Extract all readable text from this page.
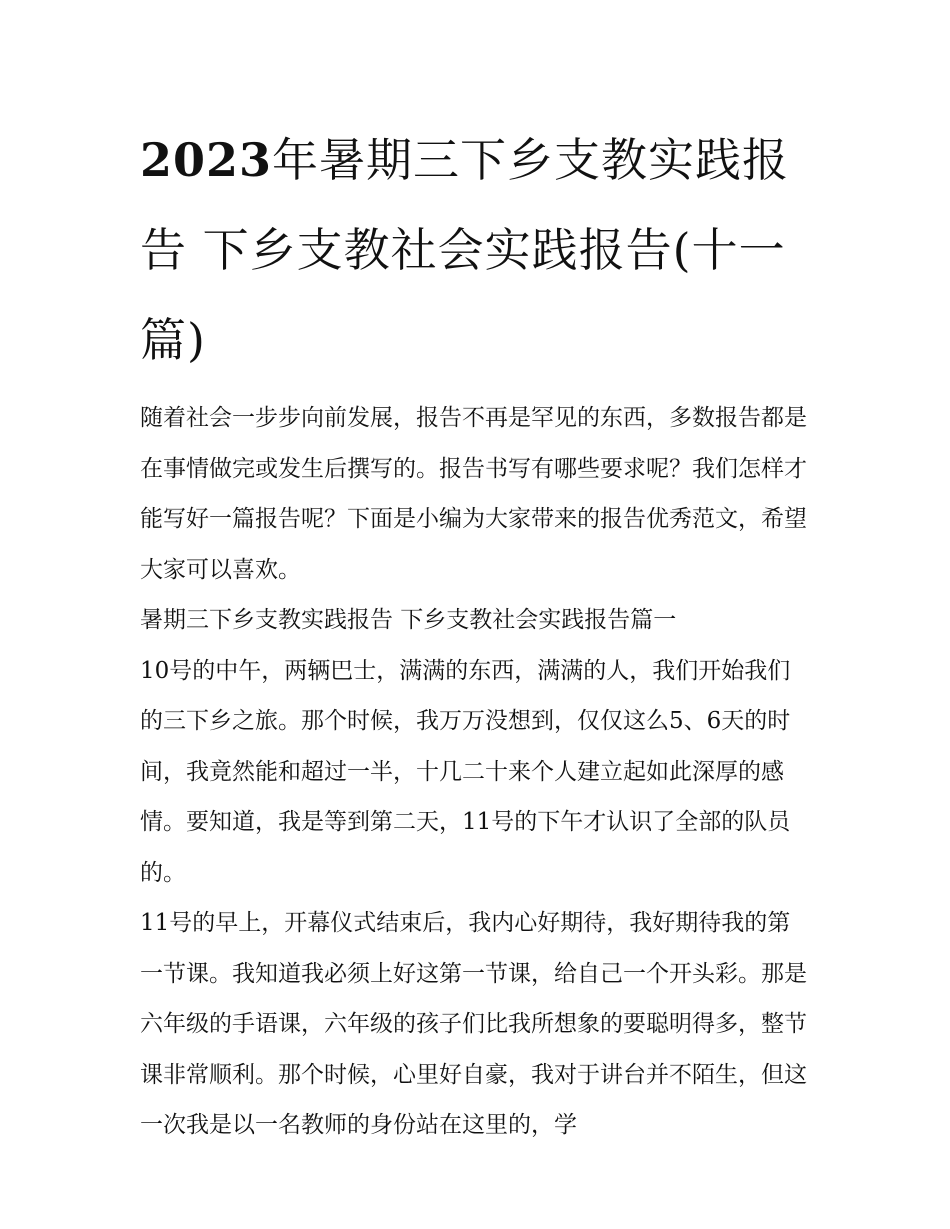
2023年暑期三下乡支教实践报告 下乡支教社会实践报告(十一篇)

随着社会一步步向前发展，报告不再是罕见的东西，多数报告都是在事情做完或发生后撰写的。报告书写有哪些要求呢？我们怎样才能写好一篇报告呢？下面是小编为大家带来的报告优秀范文，希望大家可以喜欢。

暑期三下乡支教实践报告 下乡支教社会实践报告篇一

10号的中午，两辆巴士，满满的东西，满满的人，我们开始我们的三下乡之旅。那个时候，我万万没想到，仅仅这么5、6天的时间，我竟然能和超过一半，十几二十来个人建立起如此深厚的感情。要知道，我是等到第二天，11号的下午才认识了全部的队员的。

11号的早上，开幕仪式结束后，我内心好期待，我好期待我的第一节课。我知道我必须上好这第一节课，给自己一个开头彩。那是六年级的手语课，六年级的孩子们比我所想象的要聪明得多，整节课非常顺利。那个时候，心里好自豪，我对于讲台并不陌生，但这一次我是以一名教师的身份站在这里的，学
